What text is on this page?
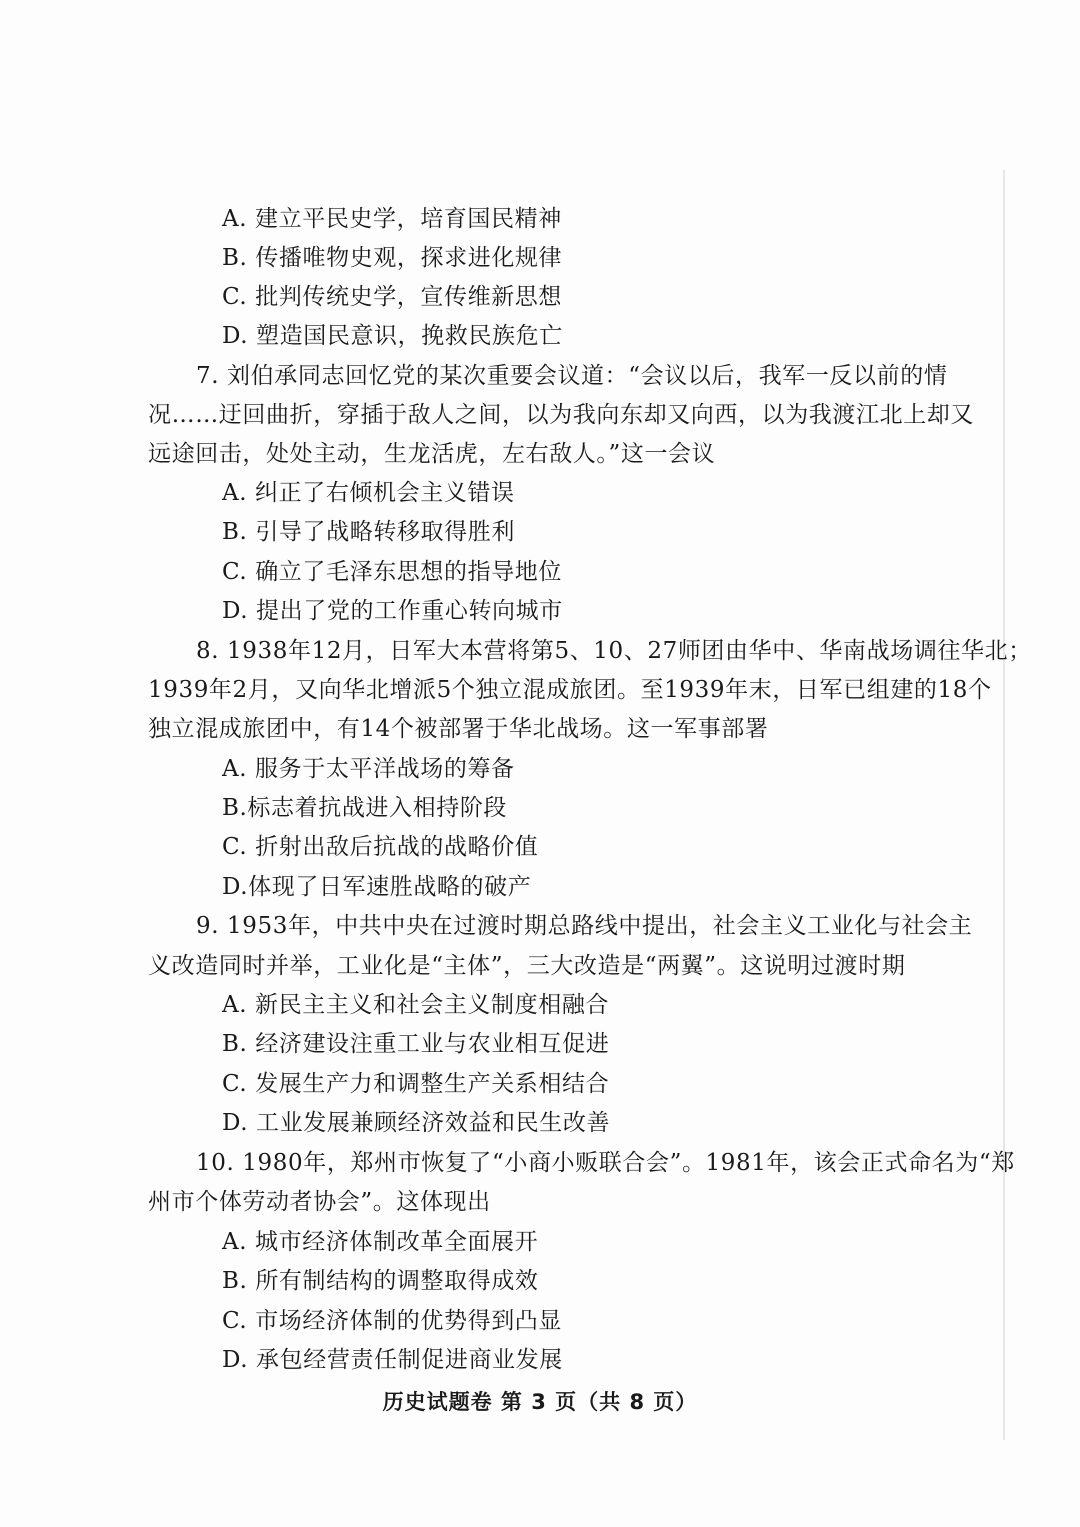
A. 建立平民史学，培育国民精神
B. 传播唯物史观，探求进化规律
C. 批判传统史学，宣传维新思想
D. 塑造国民意识，挽救民族危亡
7. 刘伯承同志回忆党的某次重要会议道：“会议以后，我军一反以前的情
况……迂回曲折，穿插于敌人之间，以为我向东却又向西，以为我渡江北上却又
远途回击，处处主动，生龙活虎，左右敌人。”这一会议
A. 纠正了右倾机会主义错误
B. 引导了战略转移取得胜利
C. 确立了毛泽东思想的指导地位
D. 提出了党的工作重心转向城市
8. 1938年12月，日军大本营将第5、10、27师团由华中、华南战场调往华北；
1939年2月，又向华北增派5个独立混成旅团。至1939年末，日军已组建的18个
独立混成旅团中，有14个被部署于华北战场。这一军事部署
A. 服务于太平洋战场的筹备
B.标志着抗战进入相持阶段
C. 折射出敌后抗战的战略价值
D.体现了日军速胜战略的破产
9. 1953年，中共中央在过渡时期总路线中提出，社会主义工业化与社会主
义改造同时并举，工业化是“主体”，三大改造是“两翼”。这说明过渡时期
A. 新民主主义和社会主义制度相融合
B. 经济建设注重工业与农业相互促进
C. 发展生产力和调整生产关系相结合
D. 工业发展兼顾经济效益和民生改善
10. 1980年，郑州市恢复了“小商小贩联合会”。1981年，该会正式命名为“郑
州市个体劳动者协会”。这体现出
A. 城市经济体制改革全面展开
B. 所有制结构的调整取得成效
C. 市场经济体制的优势得到凸显
D. 承包经营责任制促进商业发展
历史试题卷 第 3 页（共 8 页）
